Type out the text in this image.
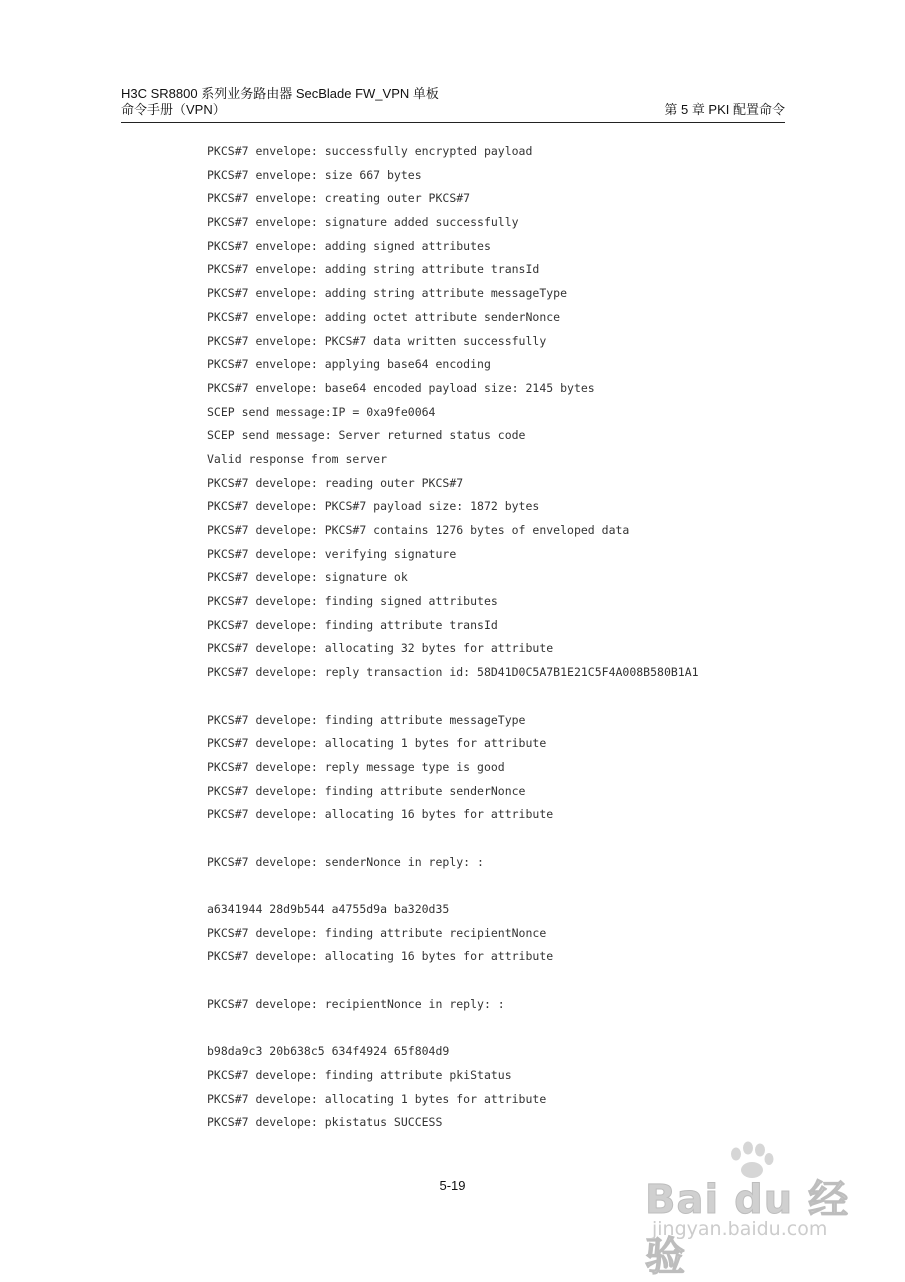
H3C SR8800 系列业务路由器 SecBlade FW_VPN 单板
命令手册（VPN）	第 5 章 PKI 配置命令
PKCS#7 envelope: successfully encrypted payload
PKCS#7 envelope: size 667 bytes
PKCS#7 envelope: creating outer PKCS#7
PKCS#7 envelope: signature added successfully
PKCS#7 envelope: adding signed attributes
PKCS#7 envelope: adding string attribute transId
PKCS#7 envelope: adding string attribute messageType
PKCS#7 envelope: adding octet attribute senderNonce
PKCS#7 envelope: PKCS#7 data written successfully
PKCS#7 envelope: applying base64 encoding
PKCS#7 envelope: base64 encoded payload size: 2145 bytes
SCEP send message:IP = 0xa9fe0064
SCEP send message: Server returned status code
Valid response from server
PKCS#7 develope: reading outer PKCS#7
PKCS#7 develope: PKCS#7 payload size: 1872 bytes
PKCS#7 develope: PKCS#7 contains 1276 bytes of enveloped data
PKCS#7 develope: verifying signature
PKCS#7 develope: signature ok
PKCS#7 develope: finding signed attributes
PKCS#7 develope: finding attribute transId
PKCS#7 develope: allocating 32 bytes for attribute
PKCS#7 develope: reply transaction id: 58D41D0C5A7B1E21C5F4A008B580B1A1
PKCS#7 develope: finding attribute messageType
PKCS#7 develope: allocating 1 bytes for attribute
PKCS#7 develope: reply message type is good
PKCS#7 develope: finding attribute senderNonce
PKCS#7 develope: allocating 16 bytes for attribute
PKCS#7 develope: senderNonce in reply: :
a6341944 28d9b544 a4755d9a ba320d35
PKCS#7 develope: finding attribute recipientNonce
PKCS#7 develope: allocating 16 bytes for attribute
PKCS#7 develope: recipientNonce in reply: :
b98da9c3 20b638c5 634f4924 65f804d9
PKCS#7 develope: finding attribute pkiStatus
PKCS#7 develope: allocating 1 bytes for attribute
PKCS#7 develope: pkistatus SUCCESS
5-19	Bai du 经验
jingyan.baidu.com
